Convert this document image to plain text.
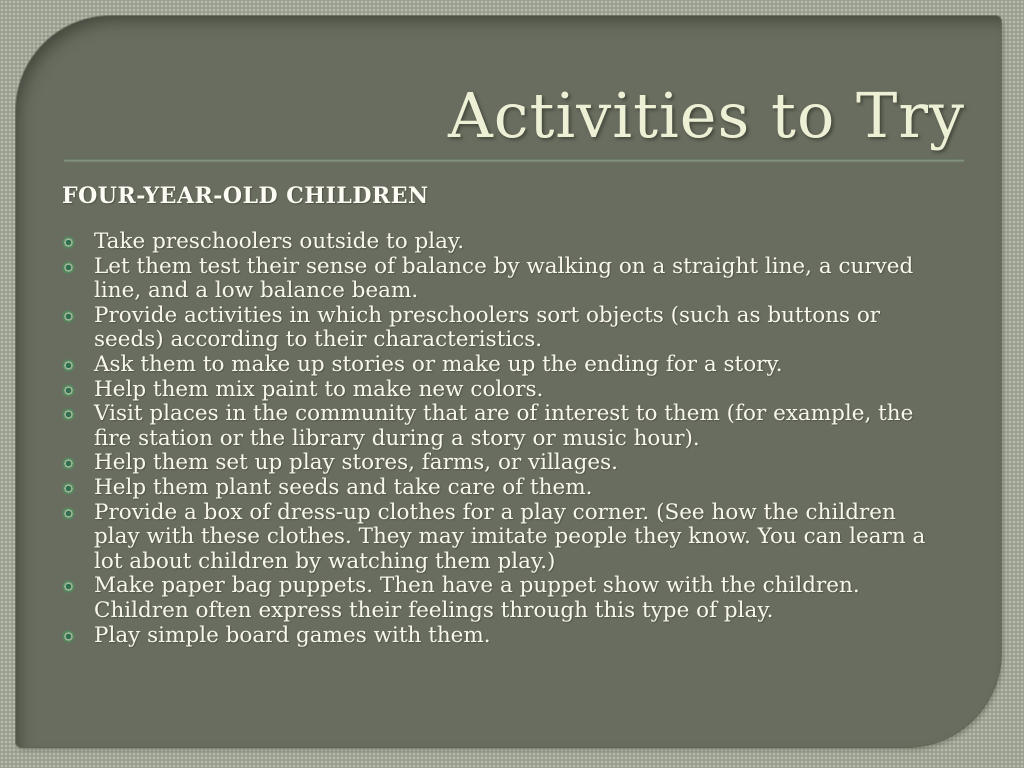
Activities to Try
FOUR-YEAR-OLD CHILDREN
Take preschoolers outside to play.
Let them test their sense of balance by walking on a straight line, a curved line, and a low balance beam.
Provide activities in which preschoolers sort objects (such as buttons or seeds) according to their characteristics.
Ask them to make up stories or make up the ending for a story.
Help them mix paint to make new colors.
Visit places in the community that are of interest to them (for example, the fire station or the library during a story or music hour).
Help them set up play stores, farms, or villages.
Help them plant seeds and take care of them.
Provide a box of dress-up clothes for a play corner. (See how the children play with these clothes. They may imitate people they know. You can learn a lot about children by watching them play.)
Make paper bag puppets. Then have a puppet show with the children. Children often express their feelings through this type of play.
Play simple board games with them.
